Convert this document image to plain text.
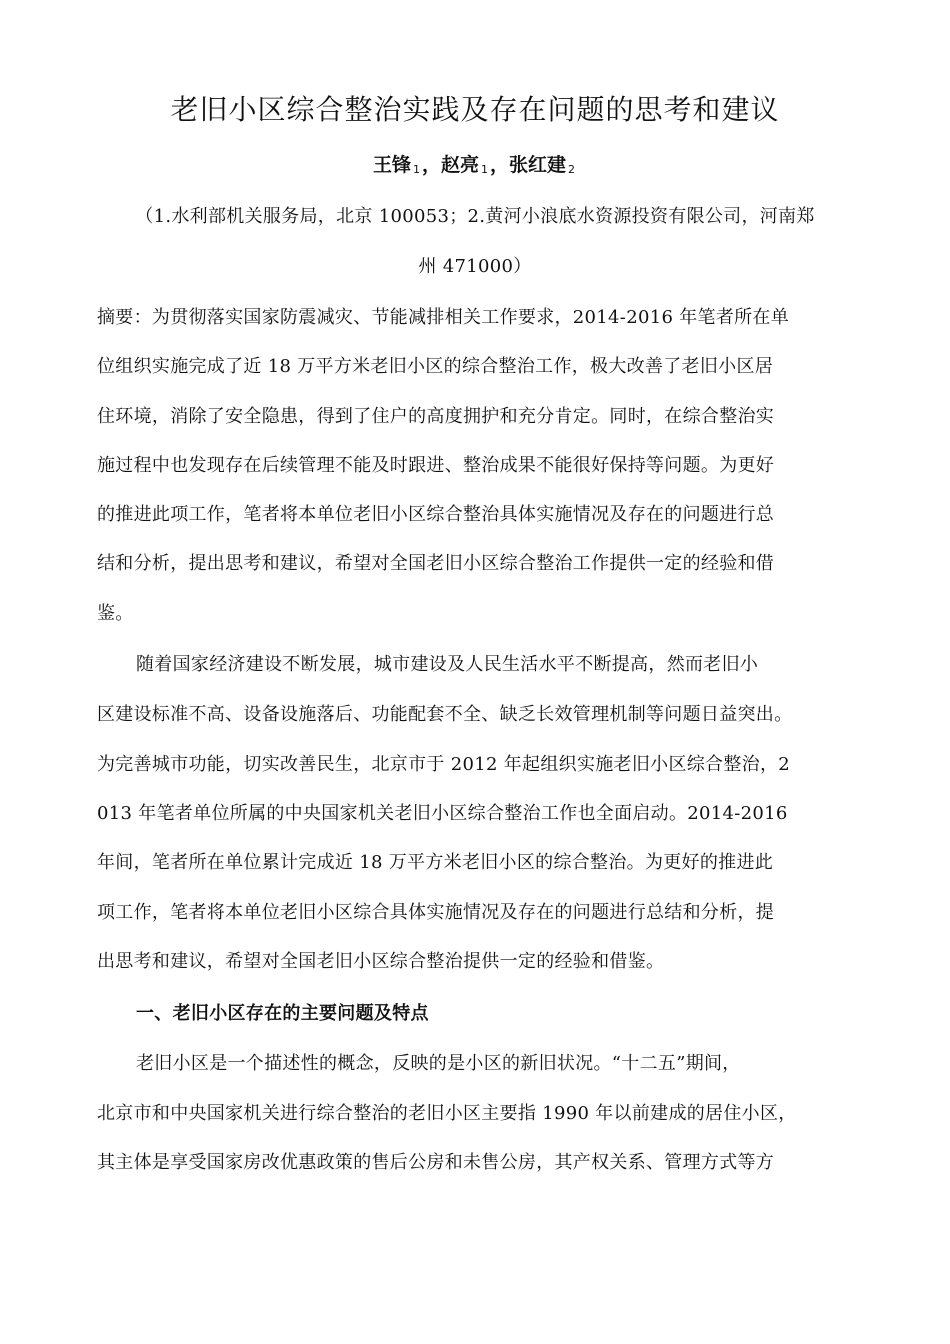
老旧小区综合整治实践及存在问题的思考和建议
王锋 $_1$ ，赵亮 $_1$ ，张红建 $_2$
（1.水利部机关服务局，北京 100053；2.黄河小浪底水资源投资有限公司，河南郑
州 471000）
摘要：为贯彻落实国家防震减灾、节能减排相关工作要求，2014-2016 年笔者所在单
位组织实施完成了近 18 万平方米老旧小区的综合整治工作，极大改善了老旧小区居
住环境，消除了安全隐患，得到了住户的高度拥护和充分肯定。同时，在综合整治实
施过程中也发现存在后续管理不能及时跟进、整治成果不能很好保持等问题。为更好
的推进此项工作，笔者将本单位老旧小区综合整治具体实施情况及存在的问题进行总
结和分析，提出思考和建议，希望对全国老旧小区综合整治工作提供一定的经验和借
鉴。
随着国家经济建设不断发展，城市建设及人民生活水平不断提高，然而老旧小
区建设标准不高、设备设施落后、功能配套不全、缺乏长效管理机制等问题日益突出。
为完善城市功能，切实改善民生，北京市于 2012 年起组织实施老旧小区综合整治，2
013 年笔者单位所属的中央国家机关老旧小区综合整治工作也全面启动。2014-2016
年间，笔者所在单位累计完成近 18 万平方米老旧小区的综合整治。为更好的推进此
项工作，笔者将本单位老旧小区综合具体实施情况及存在的问题进行总结和分析，提
出思考和建议，希望对全国老旧小区综合整治提供一定的经验和借鉴。
一、老旧小区存在的主要问题及特点
老旧小区是一个描述性的概念，反映的是小区的新旧状况。“十二五”期间，
北京市和中央国家机关进行综合整治的老旧小区主要指 1990 年以前建成的居住小区，
其主体是享受国家房改优惠政策的售后公房和未售公房，其产权关系、管理方式等方
